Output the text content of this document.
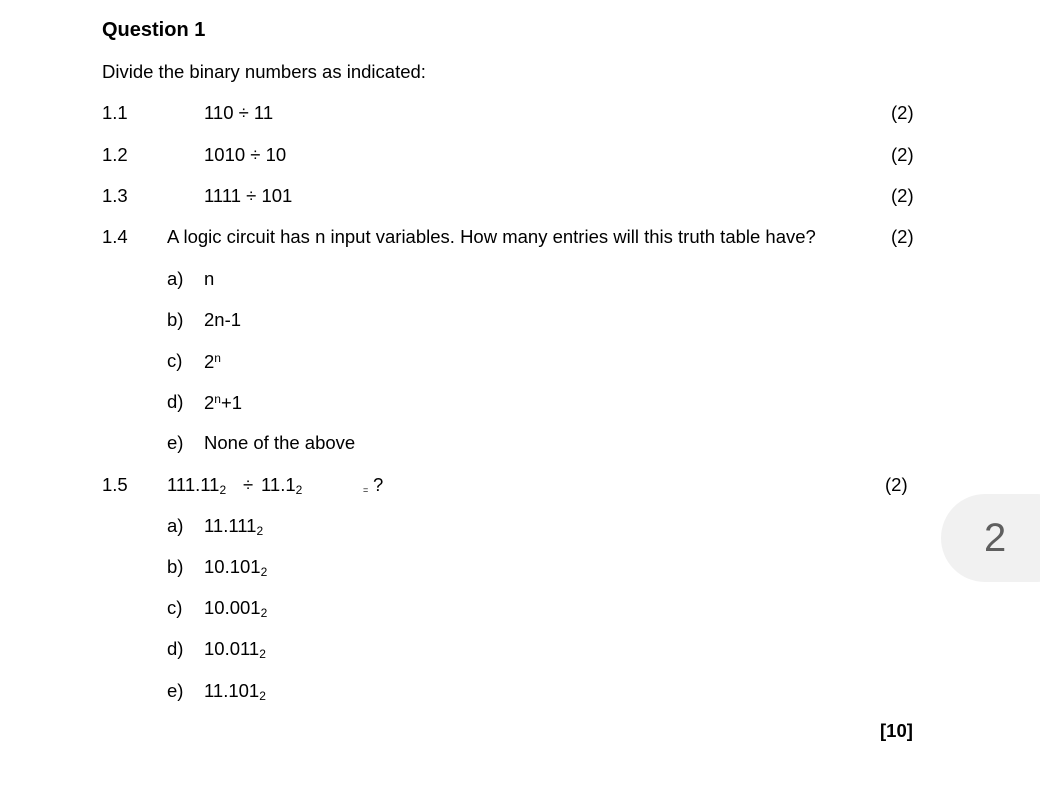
Question 1
Divide the binary numbers as indicated:
1.1	110 ÷ 11	(2)
1.2	1010 ÷ 10	(2)
1.3	1111 ÷ 101	(2)
1.4 A logic circuit has n input variables. How many entries will this truth table have?	(2)
a) n
b) 2n-1
c) 2$^n$
d) $2^n+1$
e) None of the above
1.5 $111.11_2 \div 11.1_2$	= ?	(2)
a) $11.111_2$
b) $10.101_2$
c) $10.001_2$
d) $10.011_2$
e) $11.101_2$
[10]
2
